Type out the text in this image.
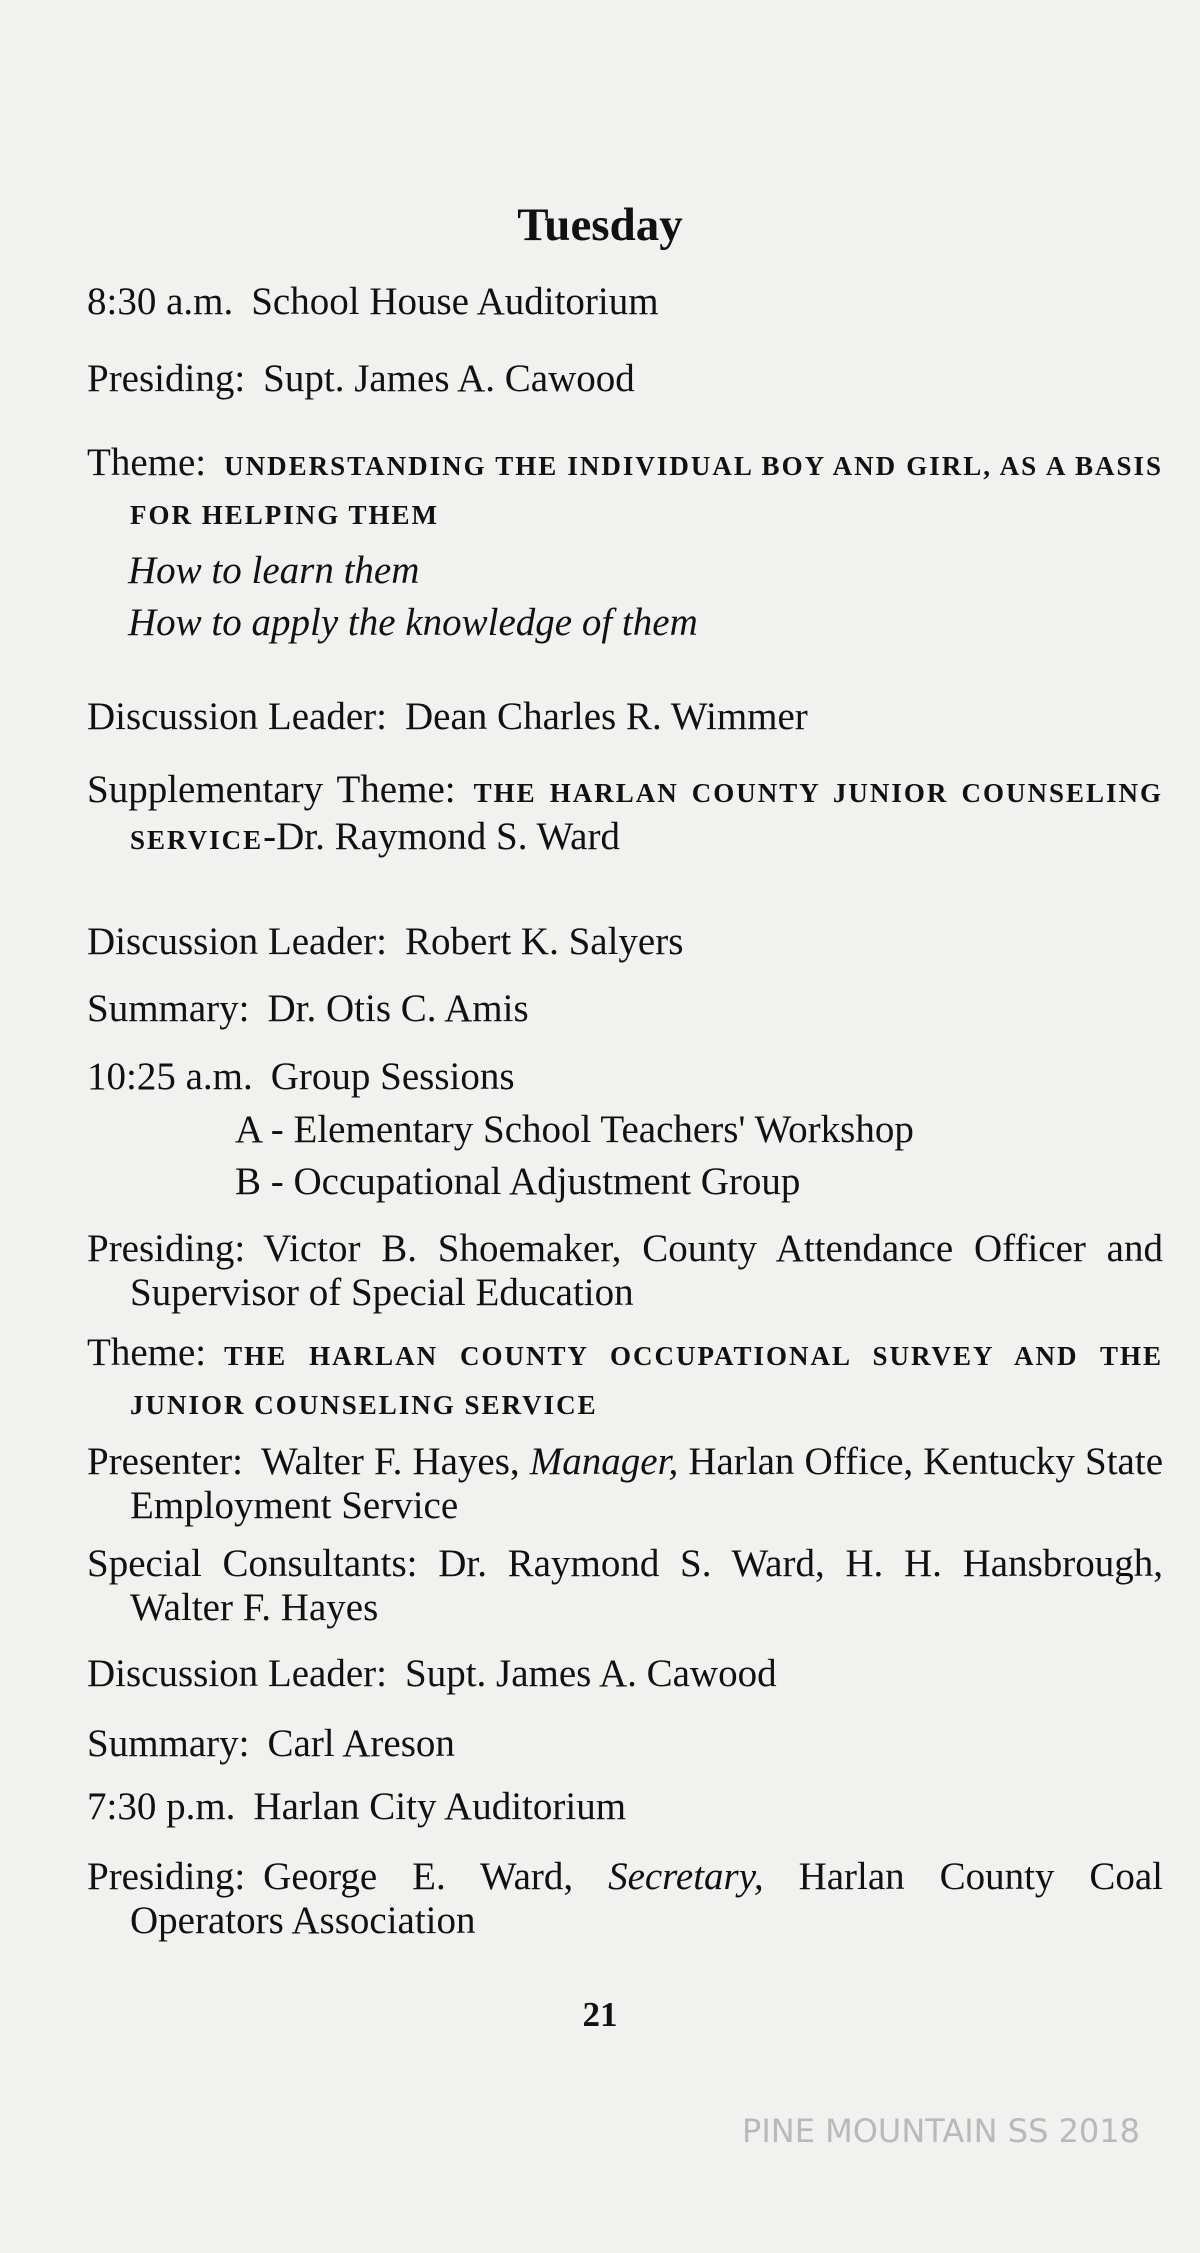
Tuesday
8:30 a.m. School House Auditorium
Presiding: Supt. James A. Cawood
Theme: UNDERSTANDING THE INDIVIDUAL BOY AND GIRL, AS A BASIS FOR HELPING THEM
How to learn them
How to apply the knowledge of them
Discussion Leader: Dean Charles R. Wimmer
Supplementary Theme: THE HARLAN COUNTY JUNIOR COUNSELING SERVICE-Dr. Raymond S. Ward
Discussion Leader: Robert K. Salyers
Summary: Dr. Otis C. Amis
10:25 a.m. Group Sessions
A - Elementary School Teachers' Workshop
B - Occupational Adjustment Group
Presiding: Victor B. Shoemaker, County Attendance Officer and Supervisor of Special Education
Theme: THE HARLAN COUNTY OCCUPATIONAL SURVEY AND THE JUNIOR COUNSELING SERVICE
Presenter: Walter F. Hayes, Manager, Harlan Office, Kentucky State Employment Service
Special Consultants: Dr. Raymond S. Ward, H. H. Hansbrough, Walter F. Hayes
Discussion Leader: Supt. James A. Cawood
Summary: Carl Areson
7:30 p.m. Harlan City Auditorium
Presiding: George E. Ward, Secretary, Harlan County Coal Operators Association
21
PINE MOUNTAIN SS 2018
